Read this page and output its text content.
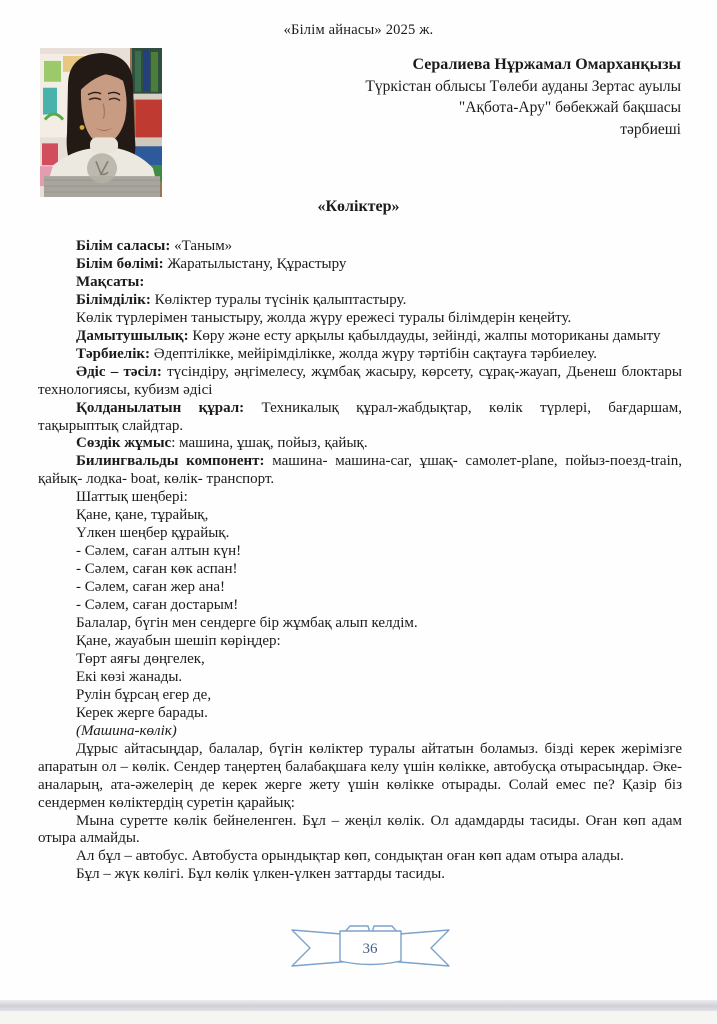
«Білім айнасы» 2025 ж.
Сералиева Нұржамал Омарханқызы
Түркістан облысы Төлеби ауданы Зертас ауылы
"Ақбота-Ару" бөбекжай бақшасы
тәрбиеші
«Көліктер»

Білім саласы: «Таным»

Білім бөлімі: Жаратылыстану, Құрастыру

Мақсаты:

Білімділік: Көліктер туралы түсінік қалыптастыру.

Көлік түрлерімен таныстыру, жолда жүру ережесі туралы білімдерін кеңейту.

Дамытушылық: Көру және есту арқылы қабылдауды, зейінді, жалпы моториканы дамыту

Тәрбиелік: Әдептілікке, мейірімділікке, жолда жүру тәртібін сақтауға тәрбиелеу.

Әдіс – тәсіл: түсіндіру, әңгімелесу, жұмбақ жасыру, көрсету, сұрақ-жауап, Дьенеш блоктары технологиясы, кубизм әдісі

Қолданылатын құрал: Техникалық құрал-жабдықтар, көлік түрлері, бағдаршам, тақырыптық слайдтар.

Сөздік жұмыс: машина, ұшақ, пойыз, қайық.

Билингвальды компонент: машина- машина-car, ұшақ- самолет-plane, пойыз-поезд-train, қайық- лодка- boat, көлік- транспорт.

Шаттық шеңбері:

Қане, қане, тұрайық,

Үлкен шеңбер құрайық.

- Сәлем, саған алтын күн!

- Сәлем, саған көк аспан!

- Сәлем, саған жер ана!

- Сәлем, саған достарым!

Балалар, бүгін мен сендерге бір жұмбақ алып келдім.

Қане, жауабын шешіп көріңдер:

Төрт аяғы дөңгелек,

Екі көзі жанады.

Рулін бұрсаң егер де,

Керек жерге барады.

(Машина-көлік)

Дұрыс айтасыңдар, балалар, бүгін көліктер туралы айтатын боламыз. бізді керек жерімізге апаратын ол – көлік. Сендер таңертең балабақшаға келу үшін көлікке, автобусқа отырасыңдар. Әке-аналарың, ата-әжелерің де керек жерге жету үшін көлікке отырады. Солай емес пе? Қазір біз сендермен көліктердің суретін қарайық:

Мына суретте көлік бейнеленген. Бұл – жеңіл көлік. Ол адамдарды тасиды. Оған көп адам отыра алмайды.

Ал бұл – автобус. Автобуста орындықтар көп, сондықтан оған көп адам отыра алады.

Бұл – жүк көлігі. Бұл көлік үлкен-үлкен заттарды тасиды.

36
